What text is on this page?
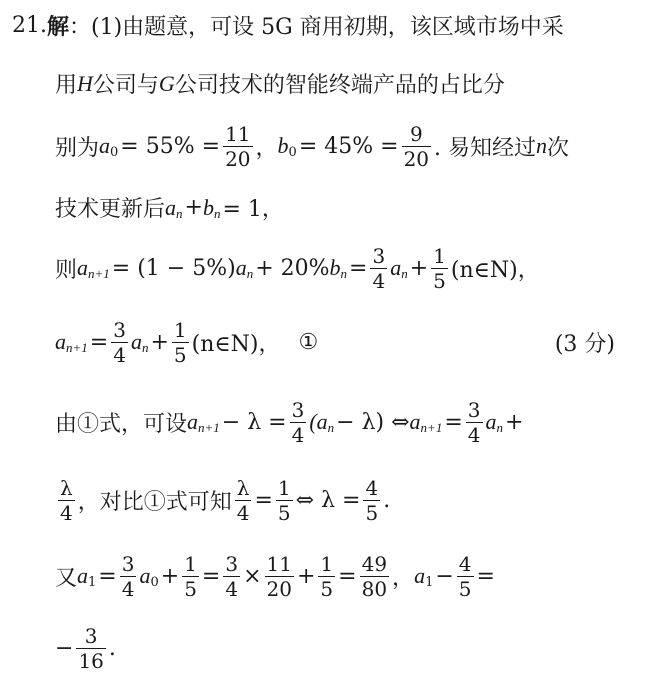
21. 解 ：(1)由题意，可设 5G 商用初期，该区域市场中采
用 H 公司与 G 公司技术的智能终端产品的占比分
别为 a $0 = 55\% = \frac{11}{20}$ ， b $0 = 45\% = \frac{9}{20}$ . 易知经过 n 次
技术更新后 a n + b n = 1，
则 a n+1 = (1 − 5%) a n + 20% b $n = \frac{3}{4}$ a $n + \frac{1}{5}$ (n∈N)，
a $n+1 = \frac{3}{4}$ a $n + \frac{1}{5}$ (n∈N)， ①	(3 分)
由①式，可设 a $n+1 - \lambda = \frac{3}{4} (a$ n − λ) ⇔ a $n+1 = \frac{3}{4}$ a n +
$\frac{\lambda}{4}$ ，对比①式可知 $\frac{\lambda}{4} = \frac{1}{5}$ ⇔ $\lambda = \frac{4}{5}$ .
又 a $1 = \frac{3}{4}$ a $0 + \frac{1}{5} = \frac{3}{4} \times \frac{11}{20} + \frac{1}{5} = \frac{49}{80}$ ， a $1 - \frac{4}{5}$ =
− $\frac{3}{16}$ .
